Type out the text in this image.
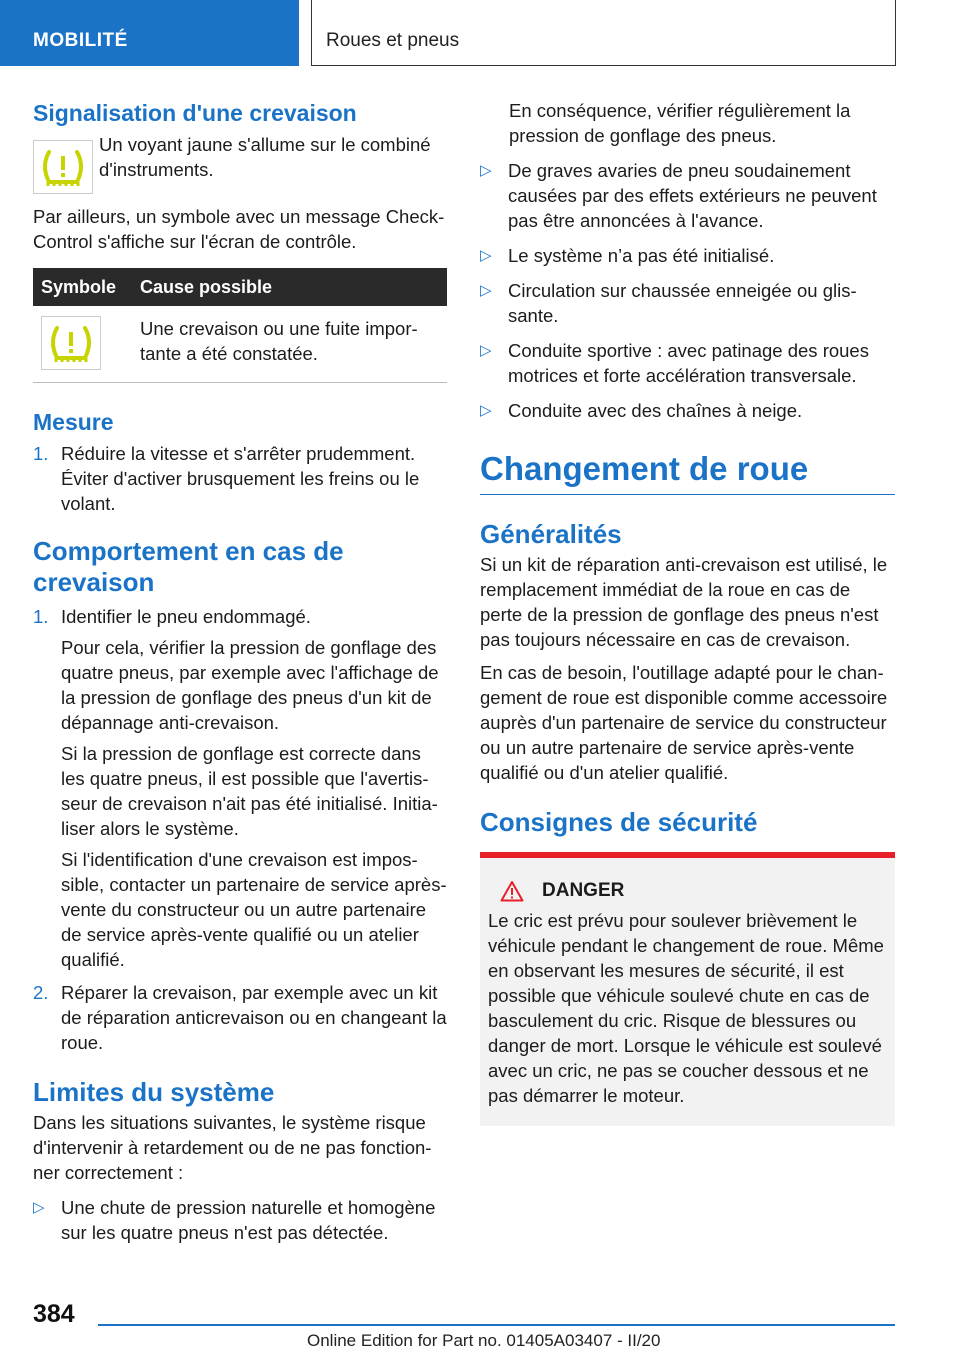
MOBILITÉ	Roues et pneus
Signalisation d'une crevaison

Un voyant jaune s'allume sur le combiné d'instruments.

Par ailleurs, un symbole avec un message Check-Control s'affiche sur l'écran de contrôle.

Symbole	Cause possible

	Une crevaison ou une fuite importante a été constatée.
Mesure
1. Réduire la vitesse et s'arrêter prudemment. Éviter d'activer brusquement les freins ou le volant.
Comportement en cas de crevaison
1. Identifier le pneu endommagé.

Pour cela, vérifier la pression de gonflage des quatre pneus, par exemple avec l'affichage de la pression de gonflage des pneus d'un kit de dépannage anti-crevaison.

Si la pression de gonflage est correcte dans les quatre pneus, il est possible que l'avertisseur de crevaison n'ait pas été initialisé. Initialiser alors le système.

Si l'identification d'une crevaison est impossible, contacter un partenaire de service après-vente du constructeur ou un autre partenaire de service après-vente qualifié ou un atelier qualifié.

2. Réparer la crevaison, par exemple avec un kit de réparation anticrevaison ou en changeant la roue.
Limites du système

Dans les situations suivantes, le système risque d'intervenir à retardement ou de ne pas fonctionner correctement :

▷ Une chute de pression naturelle et homogène sur les quatre pneus n'est pas détectée.

En conséquence, vérifier régulièrement la pression de gonflage des pneus.

▷ De graves avaries de pneu soudainement causées par des effets extérieurs ne peuvent pas être annoncées à l'avance.
▷ Le système n’a pas été initialisé.
▷ Circulation sur chaussée enneigée ou glissante.
▷ Conduite sportive : avec patinage des roues motrices et forte accélération transversale.
▷ Conduite avec des chaînes à neige.
Changement de roue
Généralités

Si un kit de réparation anti-crevaison est utilisé, le remplacement immédiat de la roue en cas de perte de la pression de gonflage des pneus n'est pas toujours nécessaire en cas de crevaison.

En cas de besoin, l'outillage adapté pour le changement de roue est disponible comme accessoire auprès d'un partenaire de service du constructeur ou un autre partenaire de service après-vente qualifié ou d'un atelier qualifié.

Consignes de sécurité
DANGER

Le cric est prévu pour soulever brièvement le véhicule pendant le changement de roue. Même en observant les mesures de sécurité, il est possible que véhicule soulevé chute en cas de basculement du cric. Risque de blessures ou danger de mort. Lorsque le véhicule est soulevé avec un cric, ne pas se coucher dessous et ne pas démarrer le moteur.

384
Online Edition for Part no. 01405A03407 - II/20
